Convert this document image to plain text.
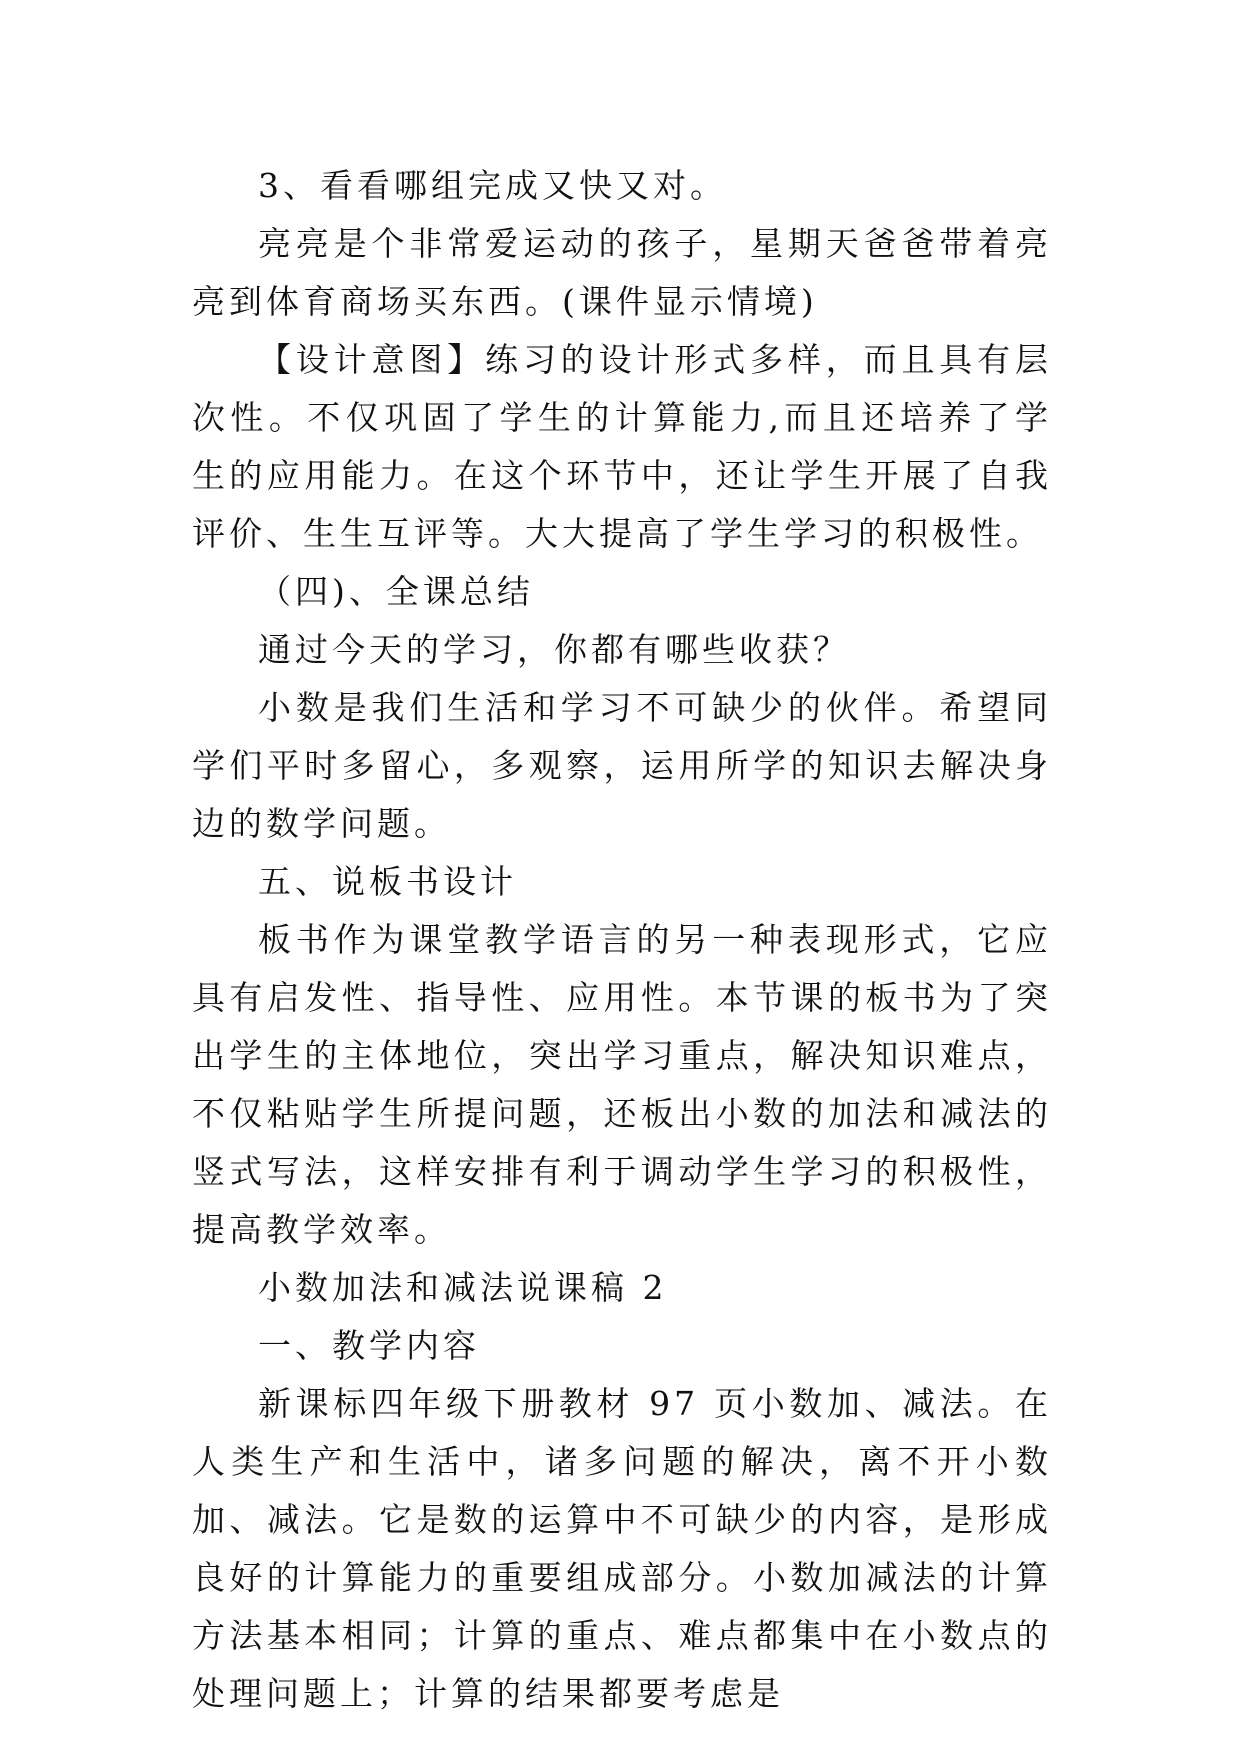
3、看看哪组完成又快又对。

亮亮是个非常爱运动的孩子，星期天爸爸带着亮亮到体育商场买东西。(课件显示情境)

【设计意图】练习的设计形式多样，而且具有层次性。不仅巩固了学生的计算能力,而且还培养了学生的应用能力。在这个环节中，还让学生开展了自我评价、生生互评等。大大提高了学生学习的积极性。

（四)、全课总结

通过今天的学习，你都有哪些收获？

小数是我们生活和学习不可缺少的伙伴。希望同学们平时多留心，多观察，运用所学的知识去解决身边的数学问题。

五、说板书设计

板书作为课堂教学语言的另一种表现形式，它应具有启发性、指导性、应用性。本节课的板书为了突出学生的主体地位，突出学习重点，解决知识难点，不仅粘贴学生所提问题，还板出小数的加法和减法的竖式写法，这样安排有利于调动学生学习的积极性，提高教学效率。

小数加法和减法说课稿 2

一、教学内容

新课标四年级下册教材 97 页小数加、减法。在人类生产和生活中，诸多问题的解决，离不开小数加、减法。它是数的运算中不可缺少的内容，是形成良好的计算能力的重要组成部分。小数加减法的计算方法基本相同；计算的重点、难点都集中在小数点的处理问题上；计算的结果都要考虑是
